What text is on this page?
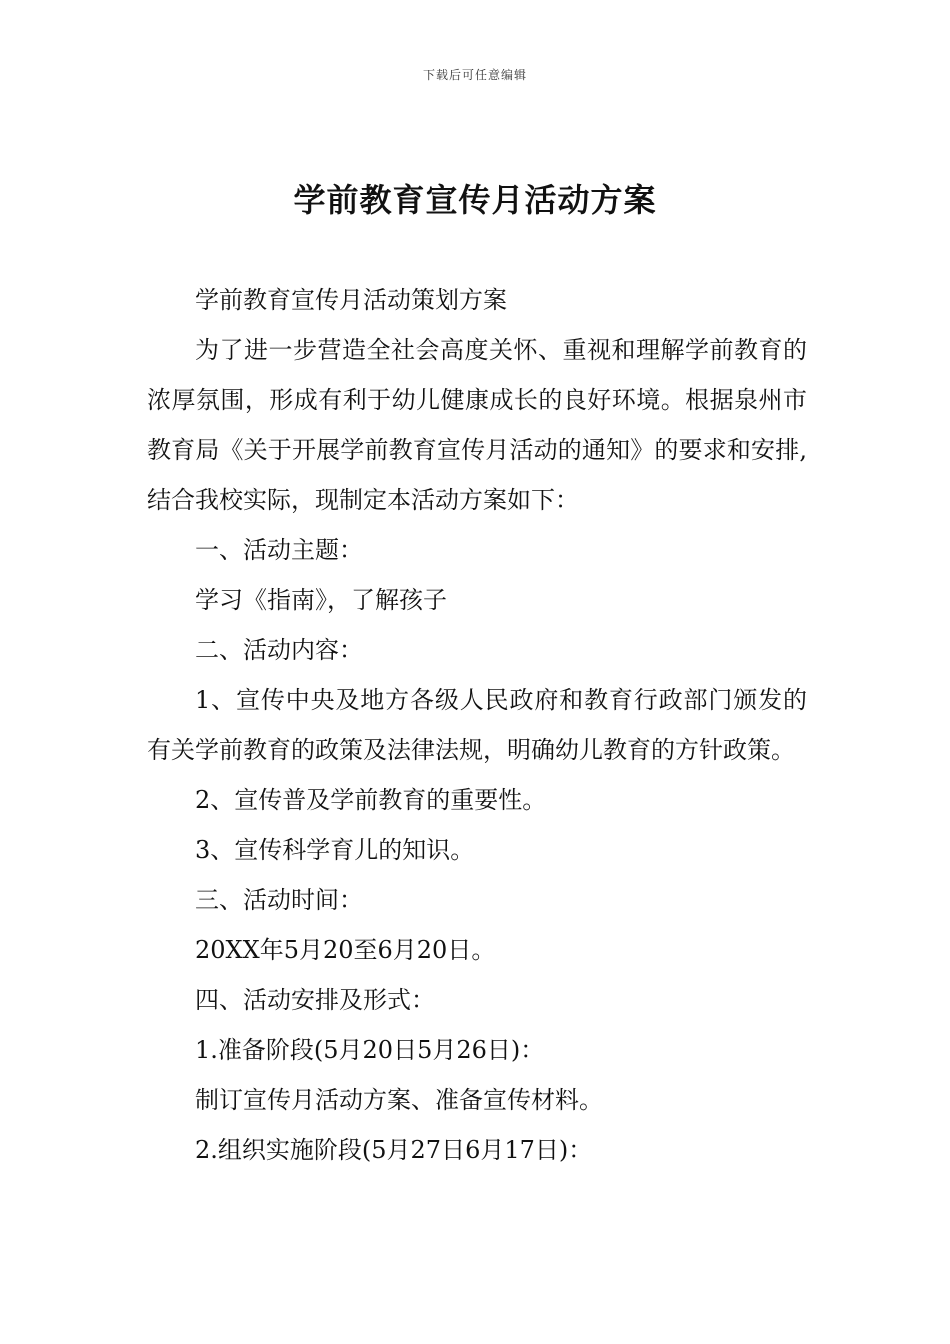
下载后可任意编辑
学前教育宣传月活动方案

学前教育宣传月活动策划方案

为了进一步营造全社会高度关怀、重视和理解学前教育的浓厚氛围，形成有利于幼儿健康成长的良好环境。根据泉州市教育局《关于开展学前教育宣传月活动的通知》的要求和安排,结合我校实际，现制定本活动方案如下：

一、活动主题：

学习《指南》，了解孩子

二、活动内容：

1、宣传中央及地方各级人民政府和教育行政部门颁发的有关学前教育的政策及法律法规，明确幼儿教育的方针政策。

2、宣传普及学前教育的重要性。

3、宣传科学育儿的知识。

三、活动时间：

20XX年5月20至6月20日。

四、活动安排及形式：

1.准备阶段(5月20日5月26日)：

制订宣传月活动方案、准备宣传材料。

2.组织实施阶段(5月27日6月17日)：
